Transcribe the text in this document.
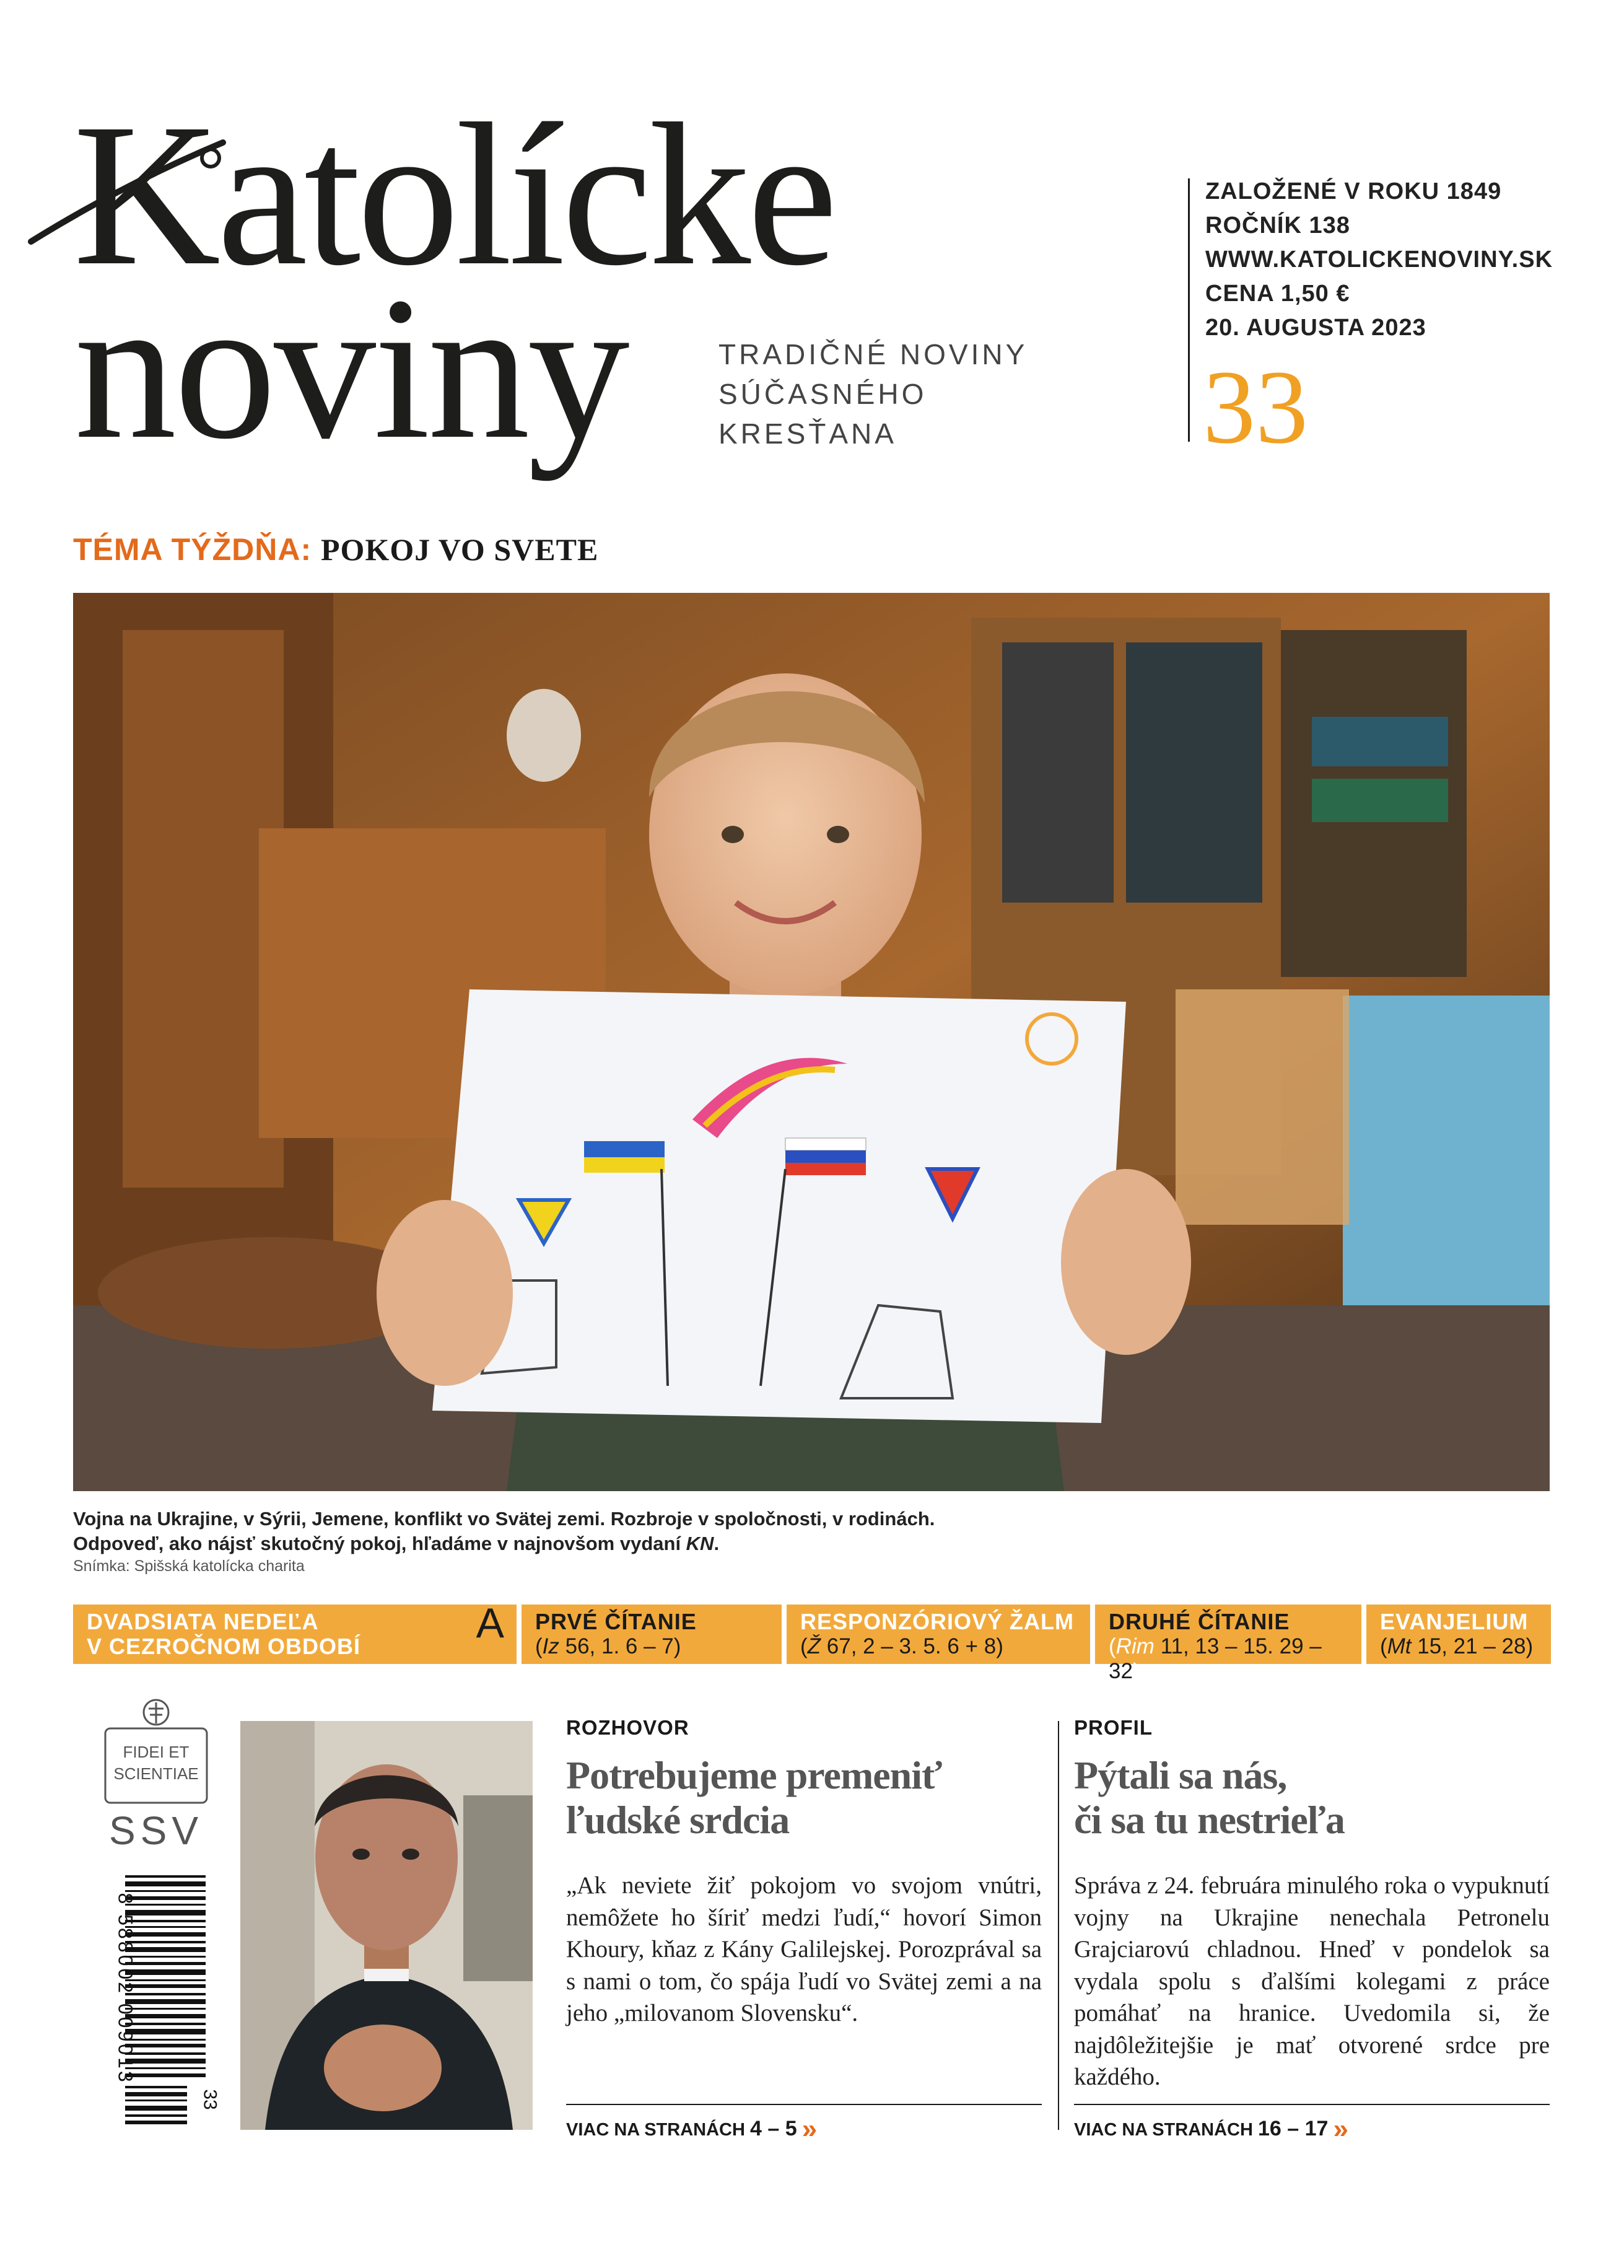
Katolícke
noviny	TRADIČNÉ NOVINY
SÚČASNÉHO
KRESŤANA
ZALOŽENÉ V ROKU 1849
ROČNÍK 138
WWW.KATOLICKENOVINY.SK
CENA 1,50 €
20. AUGUSTA 2023
33
TÉMA TÝŽDŇA: POKOJ VO SVETE
Vojna na Ukrajine, v Sýrii, Jemene, konflikt vo Svätej zemi. Rozbroje v spoločnosti, v rodinách.
Odpoveď, ako nájsť skutočný pokoj, hľadáme v najnovšom vydaní KN.
Snímka: Spišská katolícka charita
DVADSIATA NEDEĽA
V CEZROČNOM OBDOBÍ	A PRVÉ ČÍTANIE
(Iz 56, 1. 6 – 7)
RESPONZÓRIOVÝ ŽALM
(Ž 67, 2 – 3. 5. 6 + 8)
DRUHÉ ČÍTANIE
(Rim 11, 13 – 15. 29 – 32)
EVANJELIUM
(Mt 15, 21 – 28)
FIDEI ET
SCIENTIAE
SSV

8 588002 009013
33
ROZHOVOR
Potrebujeme premeniť
ľudské srdcia
„Ak neviete žiť pokojom vo svojom vnútri, nemôžete ho šíriť medzi ľudí,“ hovorí Simon Khoury, kňaz z Kány Galilejskej. Porozprával sa s nami o tom, čo spája ľudí vo Svätej zemi a na jeho „milovanom Slovensku“.
VIAC NA STRANÁCH 4 – 5 »
PROFIL
Pýtali sa nás,
či sa tu nestrieľa
Správa z 24. februára minulého roka o vypuknutí vojny na Ukrajine nenechala Petronelu Grajciarovú chladnou. Hneď v pondelok sa vydala spolu s ďalšími kolegami z práce pomáhať na hranice. Uvedomila si, že najdôležitejšie je mať otvorené srdce pre každého.
VIAC NA STRANÁCH 16 – 17 »
